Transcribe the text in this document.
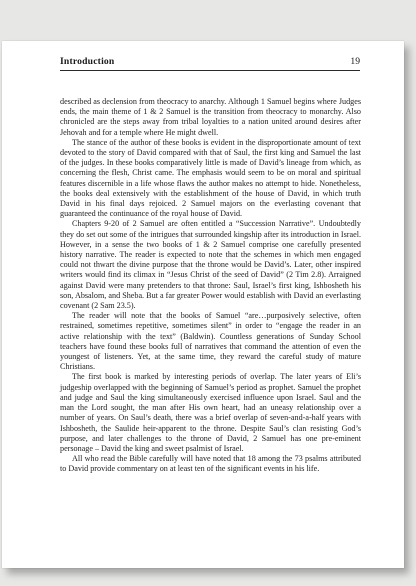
Introduction	19

described as declension from theocracy to anarchy. Although 1 Samuel begins where Judges ends, the main theme of 1 & 2 Samuel is the transition from theocracy to monarchy. Also chronicled are the steps away from tribal loyalties to a nation united around desires after Jehovah and for a temple where He might dwell.

The stance of the author of these books is evident in the disproportionate amount of text devoted to the story of David compared with that of Saul, the first king and Samuel the last of the judges. In these books comparatively little is made of David’s lineage from which, as concerning the flesh, Christ came. The emphasis would seem to be on moral and spiritual features discernible in a life whose flaws the author makes no attempt to hide. Nonetheless, the books deal extensively with the establishment of the house of David, in which truth David in his final days rejoiced. 2 Samuel majors on the everlasting covenant that guaranteed the continuance of the royal house of David.

Chapters 9-20 of 2 Samuel are often entitled a “Succession Narrative”. Undoubtedly they do set out some of the intrigues that surrounded kingship after its introduction in Israel. However, in a sense the two books of 1 & 2 Samuel comprise one carefully presented history narrative. The reader is expected to note that the schemes in which men engaged could not thwart the divine purpose that the throne would be David’s. Later, other inspired writers would find its climax in “Jesus Christ of the seed of David” (2 Tim 2.8). Arraigned against David were many pretenders to that throne: Saul, Israel’s first king, Ishbosheth his son, Absalom, and Sheba. But a far greater Power would establish with David an everlasting covenant (2 Sam 23.5).

The reader will note that the books of Samuel “are…purposively selective, often restrained, sometimes repetitive, sometimes silent” in order to “engage the reader in an active relationship with the text” (Baldwin). Countless generations of Sunday School teachers have found these books full of narratives that command the attention of even the youngest of listeners. Yet, at the same time, they reward the careful study of mature Christians.

The first book is marked by interesting periods of overlap. The later years of Eli’s judgeship overlapped with the beginning of Samuel’s period as prophet. Samuel the prophet and judge and Saul the king simultaneously exercised influence upon Israel. Saul and the man the Lord sought, the man after His own heart, had an uneasy relationship over a number of years. On Saul’s death, there was a brief overlap of seven-and-a-half years with Ishbosheth, the Saulide heir-apparent to the throne. Despite Saul’s clan resisting God’s purpose, and later challenges to the throne of David, 2 Samuel has one pre-eminent personage – David the king and sweet psalmist of Israel.

All who read the Bible carefully will have noted that 18 among the 73 psalms attributed to David provide commentary on at least ten of the significant events in his life.
